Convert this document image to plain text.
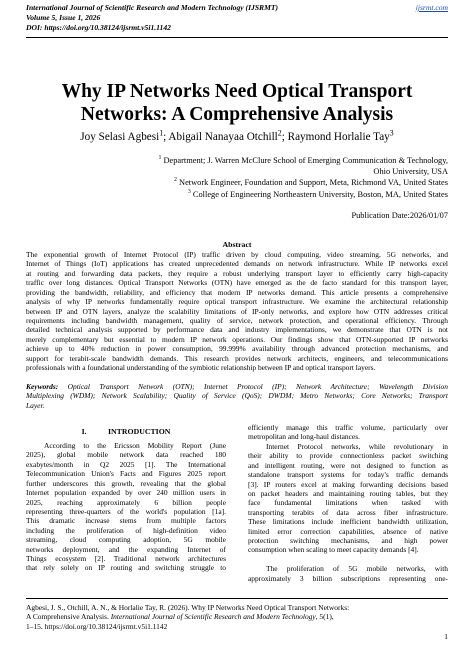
International Journal of Scientific Research and Modern Technology (IJSRMT)
Volume 5, Issue 1, 2026
DOI: https://doi.org/10.38124/ijsrmt.v5i1.1142
ijsrmt.com
Why IP Networks Need Optical Transport
Networks: A Comprehensive Analysis
Joy Selasi Agbesi$^1$; Abigail Nanayaa Otchill$^2$; Raymond Horlalie Tay$^3$
$^1$ Department; J. Warren McClure School of Emerging Communication & Technology,
Ohio University, USA
$^2$ Network Engineer, Foundation and Support, Meta, Richmond VA, United States
$^3$ College of Engineering Northeastern University, Boston, MA, United States
Publication Date:2026/01/07
Abstract
The exponential growth of Internet Protocol (IP) traffic driven by cloud computing, video streaming, 5G networks, and
Internet of Things (IoT) applications has created unprecedented demands on network infrastructure. While IP networks excel
at routing and forwarding data packets, they require a robust underlying transport layer to efficiently carry high-capacity
traffic over long distances. Optical Transport Networks (OTN) have emerged as the de facto standard for this transport layer,
providing the bandwidth, reliability, and efficiency that modern IP networks demand. This article presents a comprehensive
analysis of why IP networks fundamentally require optical transport infrastructure. We examine the architectural relationship
between IP and OTN layers, analyze the scalability limitations of IP-only networks, and explore how OTN addresses critical
requirements including bandwidth management, quality of service, network protection, and operational efficiency. Through
detailed technical analysis supported by performance data and industry implementations, we demonstrate that OTN is not
merely complementary but essential to modern IP network operations. Our findings show that OTN-supported IP networks
achieve up to 40% reduction in power consumption, 99.999% availability through advanced protection mechanisms, and
support for terabit-scale bandwidth demands. This research provides network architects, engineers, and telecommunications
professionals with a foundational understanding of the symbiotic relationship between IP and optical transport layers.
Keywords: Optical Transport Network (OTN); Internet Protocol (IP); Network Architecture; Wavelength Division
Multiplexing (WDM); Network Scalability; Quality of Service (QoS); DWDM; Metro Networks; Core Networks; Transport
Layer.
I.           INTRODUCTION
According to the Ericsson Mobility Report (June
2025), global mobile network data reached 180
exabytes/month in Q2 2025 [1]. The International
Telecommunication Union's Facts and Figures 2025 report
further underscores this growth, revealing that the global
Internet population expanded by over 240 million users in
2025, reaching approximately 6 billion people
representing three-quarters of the world's population [1a].
This dramatic increase stems from multiple factors
including the proliferation of high-definition video
streaming, cloud computing adoption, 5G mobile
networks deployment, and the expanding Internet of
Things ecosystem [2]. Traditional network architectures
that rely solely on IP routing and switching struggle to
efficiently manage this traffic volume, particularly over
metropolitan and long-haul distances.
Internet Protocol networks, while revolutionary in
their ability to provide connectionless packet switching
and intelligent routing, were not designed to function as
standalone transport systems for today's traffic demands
[3]. IP routers excel at making forwarding decisions based
on packet headers and maintaining routing tables, but they
face fundamental limitations when tasked with
transporting terabits of data across fiber infrastructure.
These limitations include inefficient bandwidth utilization,
limited error correction capabilities, absence of native
protection switching mechanisms, and high power
consumption when scaling to meet capacity demands [4].
The proliferation of 5G mobile networks, with
approximately 3 billion subscriptions representing one-
Agbesi, J. S., Otchill, A. N., & Horlalie Tay, R. (2026). Why IP Networks Need Optical Transport Networks:
A Comprehensive Analysis. International Journal of Scientific Research and Modern Technology, 5(1),
1–15. https://doi.org/10.38124/ijsrmt.v5i1.1142
1
